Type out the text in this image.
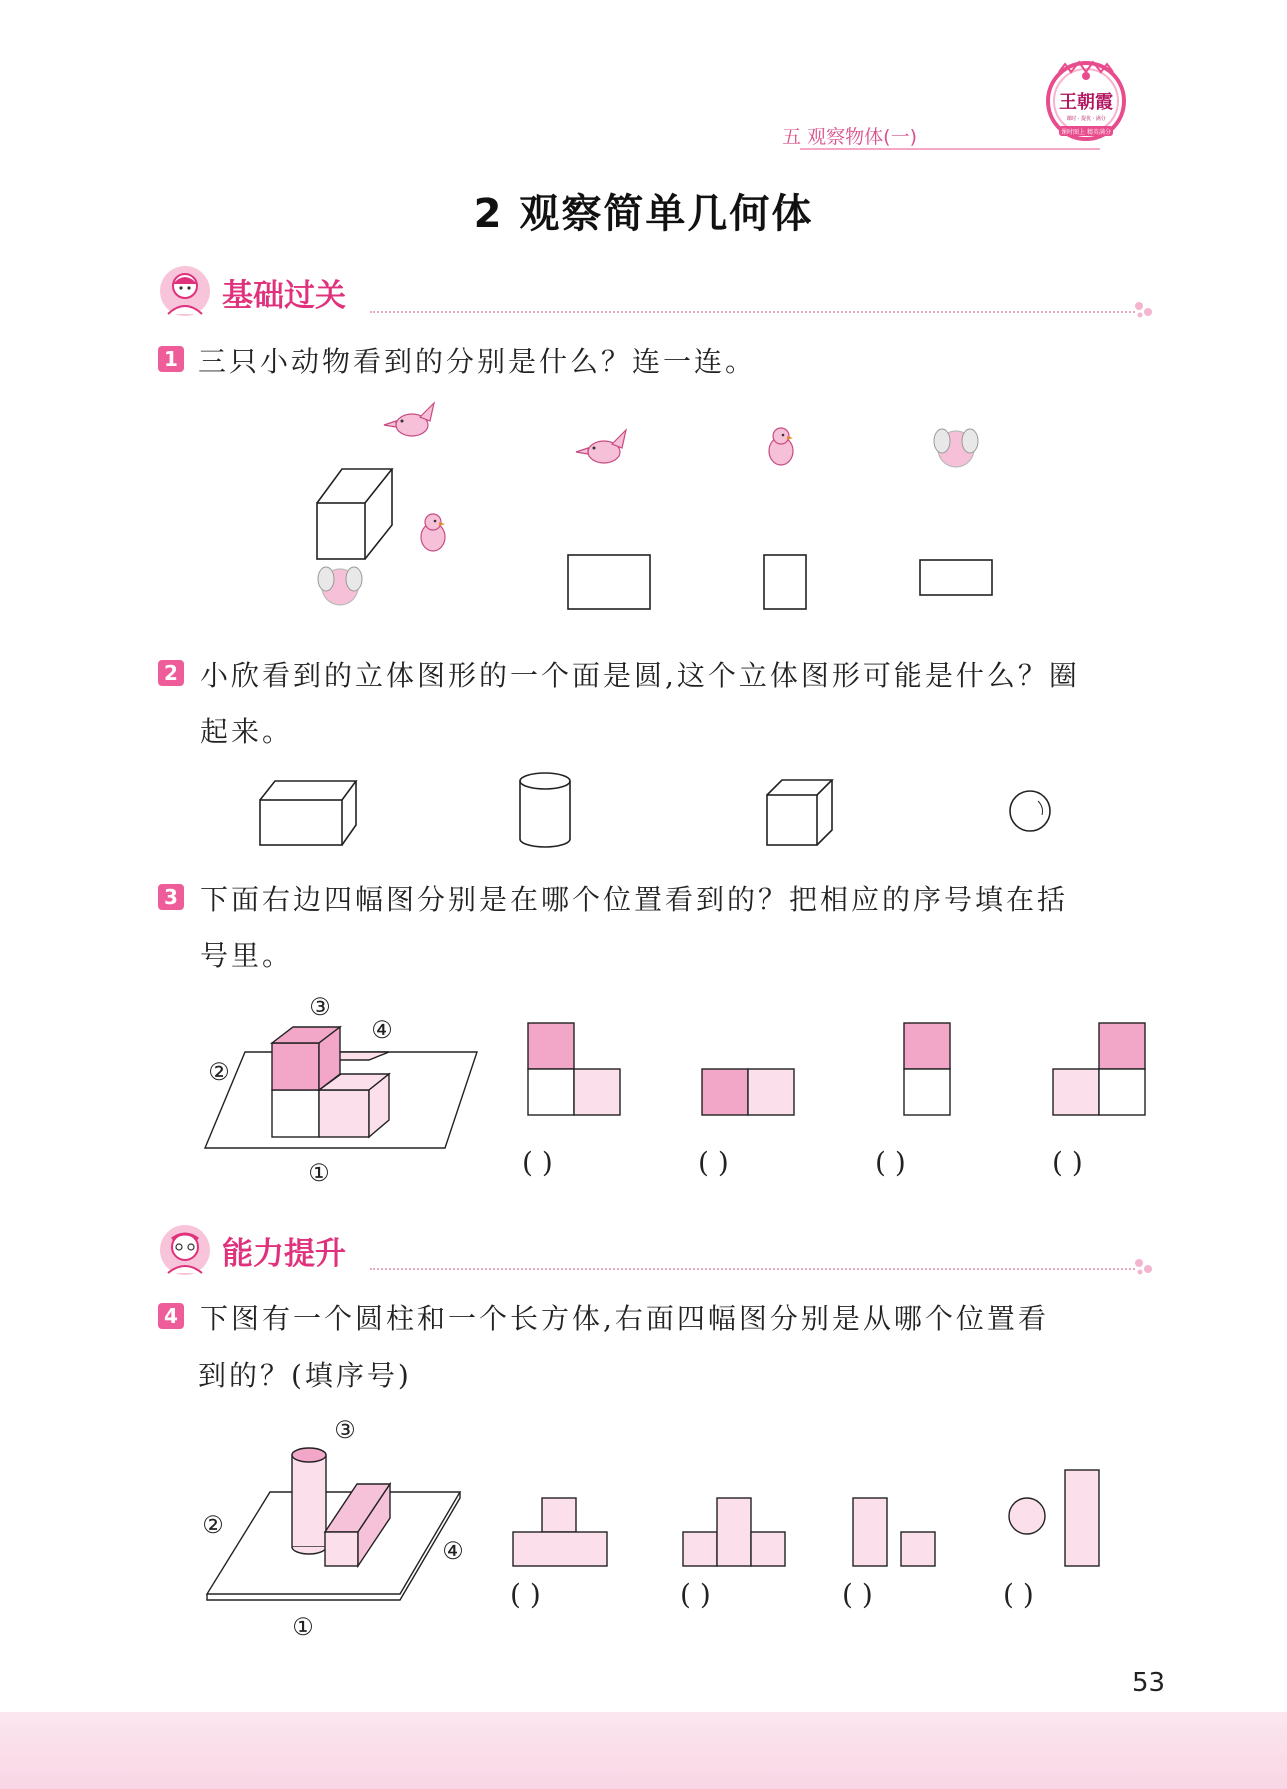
五 观察物体(一)
王朝霞
课时 · 提优 · 满分
课时图上 精英满分
2 观察简单几何体
基础过关
1 三只小动物看到的分别是什么？连一连。
2 小欣看到的立体图形的一个面是圆,这个立体图形可能是什么？圈
起来。
3 下面右边四幅图分别是在哪个位置看到的？把相应的序号填在括
号里。
③
④
②
①	( )	( )	( )	( )
能力提升
4 下图有一个圆柱和一个长方体,右面四幅图分别是从哪个位置看
到的？(填序号)
③
②
④
①
( )	( )	( )	( )
53
